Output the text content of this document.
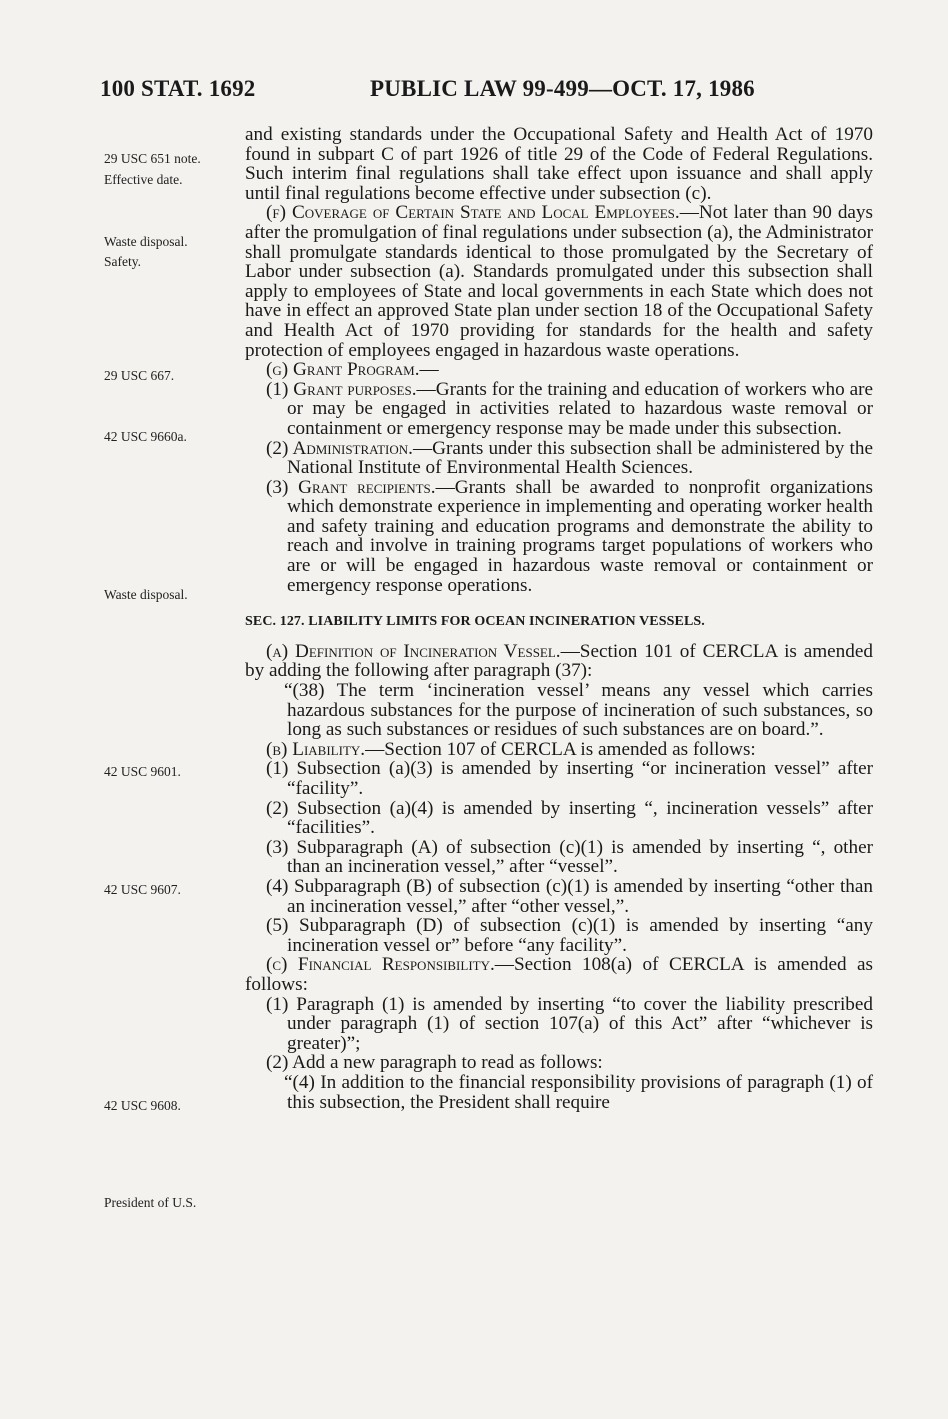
100 STAT. 1692	PUBLIC LAW 99-499—OCT. 17, 1986
29 USC 651 note.
Effective date.
Waste disposal.
Safety.
29 USC 667.
42 USC 9660a.
Waste disposal.
42 USC 9601.
42 USC 9607.
42 USC 9608.
President of U.S.

and existing standards under the Occupational Safety and Health Act of 1970 found in subpart C of part 1926 of title 29 of the Code of Federal Regulations. Such interim final regulations shall take effect upon issuance and shall apply until final regulations become effective under subsection (c).

(f) Coverage of Certain State and Local Employees.—Not later than 90 days after the promulgation of final regulations under subsection (a), the Administrator shall promulgate standards identical to those promulgated by the Secretary of Labor under subsection (a). Standards promulgated under this subsection shall apply to employees of State and local governments in each State which does not have in effect an approved State plan under section 18 of the Occupational Safety and Health Act of 1970 providing for standards for the health and safety protection of employees engaged in hazardous waste operations.

(g) Grant Program.—

(1) Grant purposes.—Grants for the training and education of workers who are or may be engaged in activities related to hazardous waste removal or containment or emergency response may be made under this subsection.

(2) Administration.—Grants under this subsection shall be administered by the National Institute of Environmental Health Sciences.

(3) Grant recipients.—Grants shall be awarded to nonprofit organizations which demonstrate experience in implementing and operating worker health and safety training and education programs and demonstrate the ability to reach and involve in training programs target populations of workers who are or will be engaged in hazardous waste removal or containment or emergency response operations.

SEC. 127. LIABILITY LIMITS FOR OCEAN INCINERATION VESSELS.

(a) Definition of Incineration Vessel.—Section 101 of CERCLA is amended by adding the following after paragraph (37):

“(38) The term ‘incineration vessel’ means any vessel which carries hazardous substances for the purpose of incineration of such substances, so long as such substances or residues of such substances are on board.”.

(b) Liability.—Section 107 of CERCLA is amended as follows:

(1) Subsection (a)(3) is amended by inserting “or incineration vessel” after “facility”.

(2) Subsection (a)(4) is amended by inserting “, incineration vessels” after “facilities”.

(3) Subparagraph (A) of subsection (c)(1) is amended by inserting “, other than an incineration vessel,” after “vessel”.

(4) Subparagraph (B) of subsection (c)(1) is amended by inserting “other than an incineration vessel,” after “other vessel,”.

(5) Subparagraph (D) of subsection (c)(1) is amended by inserting “any incineration vessel or” before “any facility”.

(c) Financial Responsibility.—Section 108(a) of CERCLA is amended as follows:

(1) Paragraph (1) is amended by inserting “to cover the liability prescribed under paragraph (1) of section 107(a) of this Act” after “whichever is greater)”;

(2) Add a new paragraph to read as follows:

“(4) In addition to the financial responsibility provisions of paragraph (1) of this subsection, the President shall require
